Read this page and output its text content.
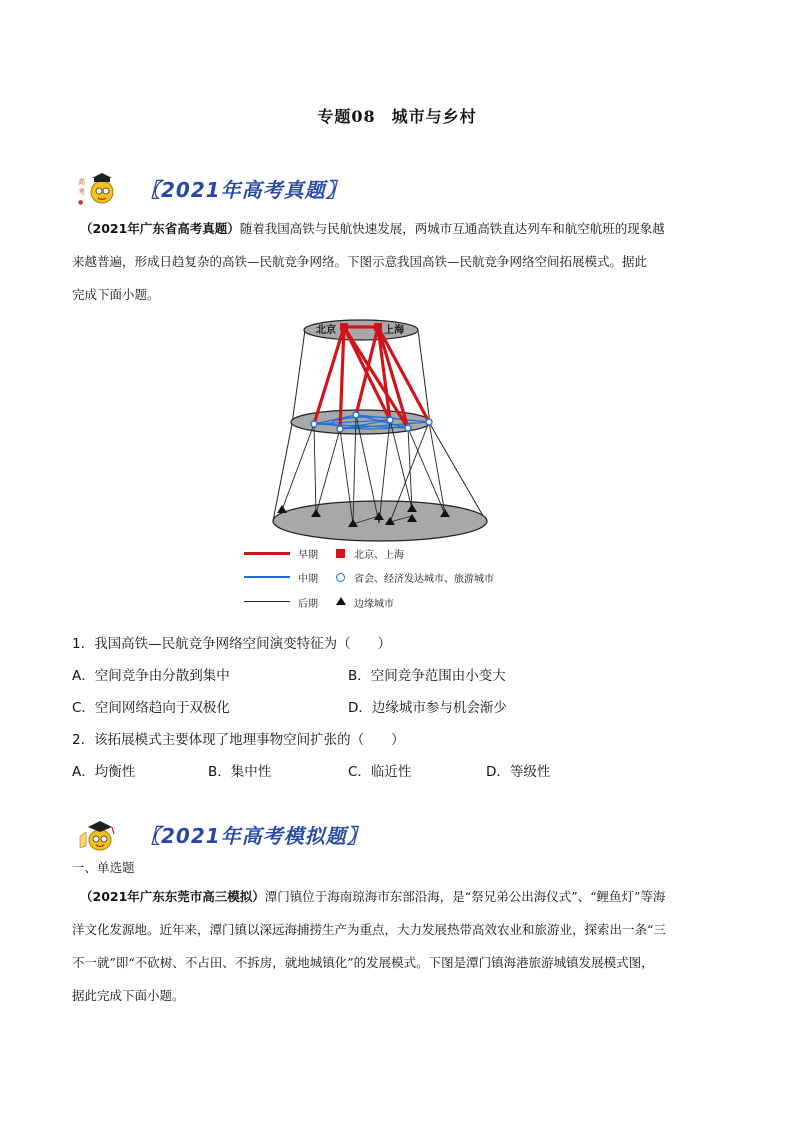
专题08 城市与乡村
高
考
●
〖2021年高考真题〗
（2021年广东省高考真题）随着我国高铁与民航快速发展，两城市互通高铁直达列车和航空航班的现象越
来越普遍，形成日趋复杂的高铁—民航竞争网络。下图示意我国高铁—民航竞争网络空间拓展模式。据此
完成下面小题。
北京	上海
早期	北京、上海
中期	省会、经济发达城市、旅游城市
后期	边缘城市
1．我国高铁—民航竞争网络空间演变特征为（　　）
A．空间竞争由分散到集中	B．空间竞争范围由小变大
C．空间网络趋向于双极化	D．边缘城市参与机会渐少
2．该拓展模式主要体现了地理事物空间扩张的（　　）
A．均衡性	B．集中性	C．临近性	D．等级性
〖2021年高考模拟题〗
一、单选题
（2021年广东东莞市高三模拟）潭门镇位于海南琼海市东部沿海，是“祭兄弟公出海仪式”、“鲤鱼灯”等海
洋文化发源地。近年来，潭门镇以深远海捕捞生产为重点，大力发展热带高效农业和旅游业，探索出一条“三
不一就”即“不砍树、不占田、不拆房，就地城镇化”的发展模式。下图是潭门镇海港旅游城镇发展模式图，
据此完成下面小题。
